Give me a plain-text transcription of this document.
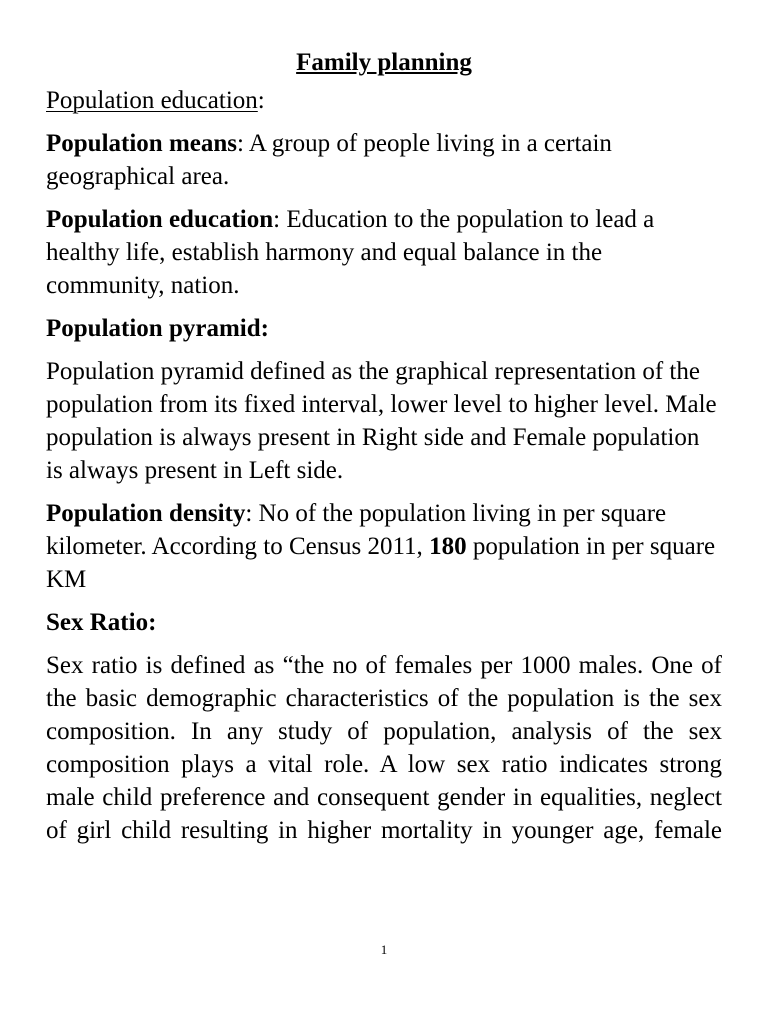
Family planning
Population education:

Population means: A group of people living in a certain geographical area.

Population education: Education to the population to lead a healthy life, establish harmony and equal balance in the community, nation.

Population pyramid:

Population pyramid defined as the graphical representation of the population from its fixed interval, lower level to higher level. Male population is always present in Right side and Female population is always present in Left side.

Population density: No of the population living in per square kilometer. According to Census 2011, 180 population in per square KM

Sex Ratio:

Sex ratio is defined as “the no of females per 1000 males. One of the basic demographic characteristics of the population is the sex composition. In any study of population, analysis of the sex composition plays a vital role. A low sex ratio indicates strong male child preference and consequent gender in equalities, neglect of girl child resulting in higher mortality in younger age, female

1
